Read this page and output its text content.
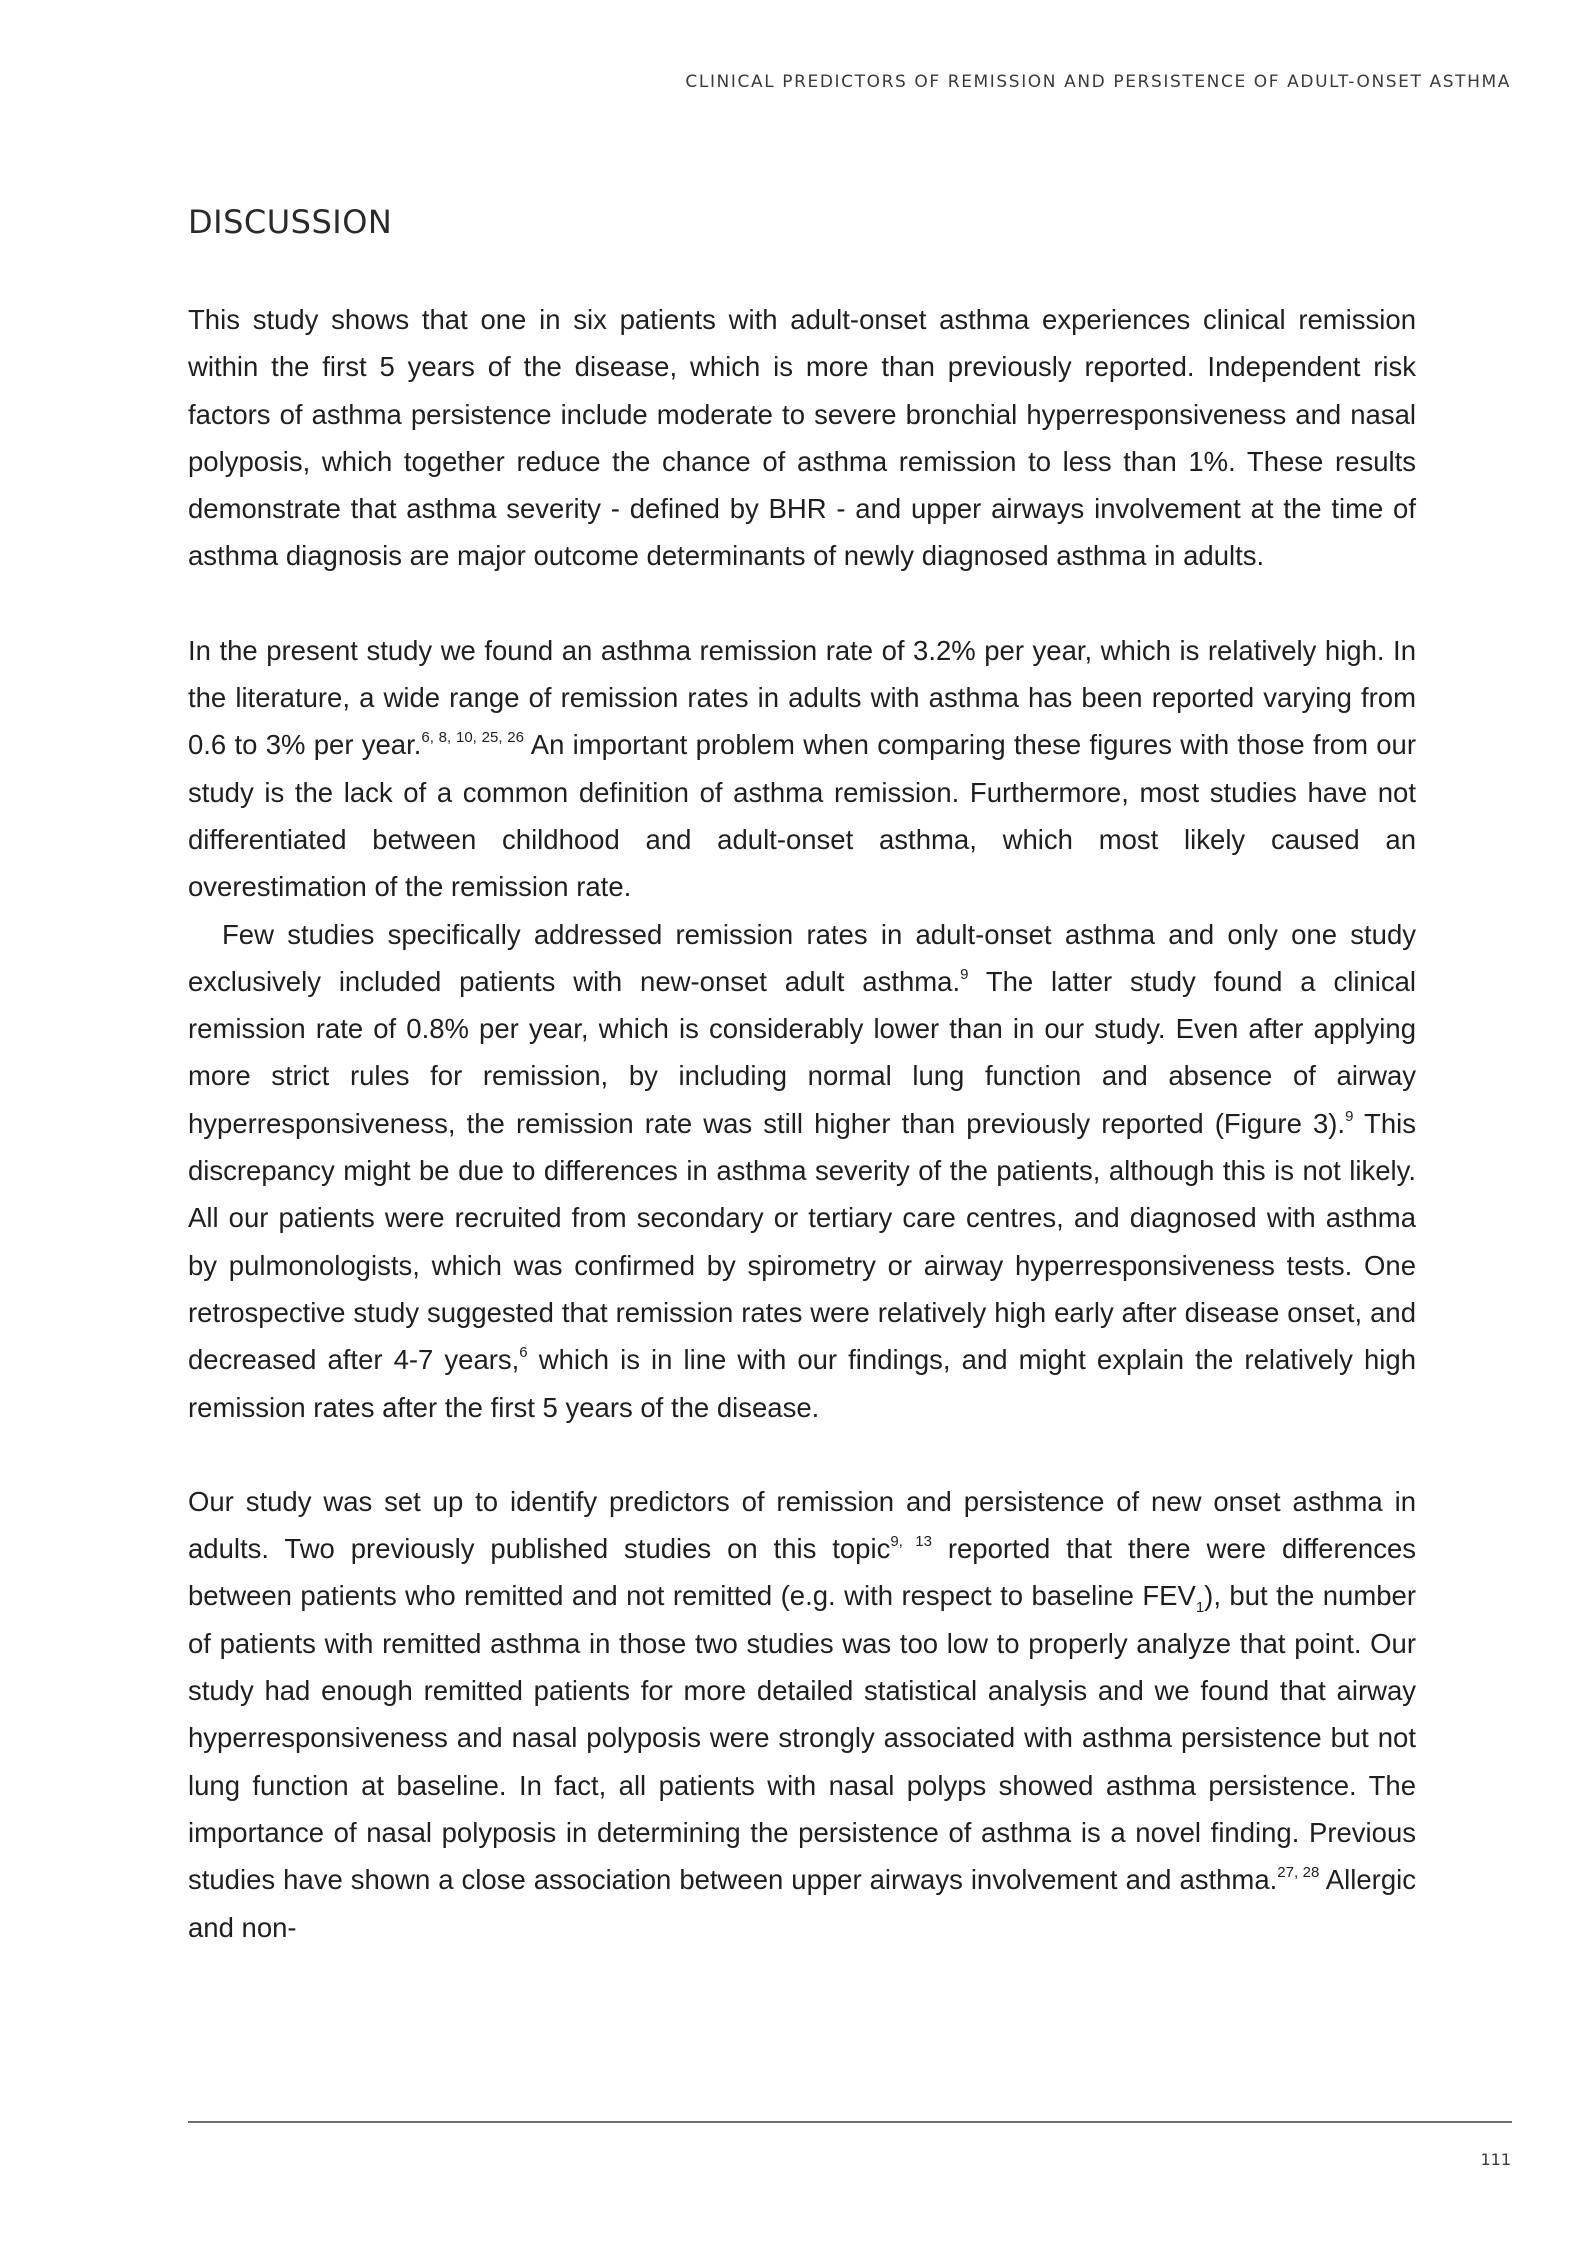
CLINICAL PREDICTORS OF REMISSION AND PERSISTENCE OF ADULT-ONSET ASTHMA
DISCUSSION

This study shows that one in six patients with adult-onset asthma experiences clinical remission within the first 5 years of the disease, which is more than previously reported. Independent risk factors of asthma persistence include moderate to severe bronchial hyperresponsiveness and nasal polyposis, which together reduce the chance of asthma remission to less than 1%. These results demonstrate that asthma severity - defined by BHR - and upper airways involvement at the time of asthma diagnosis are major outcome determinants of newly diagnosed asthma in adults.

In the present study we found an asthma remission rate of 3.2% per year, which is relatively high. In the literature, a wide range of remission rates in adults with asthma has been reported varying from 0.6 to 3% per year.$^{6, 8, 10, 25, 26}$ An important problem when comparing these figures with those from our study is the lack of a common definition of asthma remission. Furthermore, most studies have not differentiated between childhood and adult-onset asthma, which most likely caused an overestimation of the remission rate.

Few studies specifically addressed remission rates in adult-onset asthma and only one study exclusively included patients with new-onset adult asthma.$^9$ The latter study found a clinical remission rate of 0.8% per year, which is considerably lower than in our study. Even after applying more strict rules for remission, by including normal lung function and absence of airway hyperresponsiveness, the remission rate was still higher than previously reported (Figure 3).$^9$ This discrepancy might be due to differences in asthma severity of the patients, although this is not likely. All our patients were recruited from secondary or tertiary care centres, and diagnosed with asthma by pulmonologists, which was confirmed by spirometry or airway hyperresponsiveness tests. One retrospective study suggested that remission rates were relatively high early after disease onset, and decreased after 4-7 years,$^6$ which is in line with our findings, and might explain the relatively high remission rates after the first 5 years of the disease.

Our study was set up to identify predictors of remission and persistence of new onset asthma in adults. Two previously published studies on this topic$^{9, 13}$ reported that there were differences between patients who remitted and not remitted (e.g. with respect to baseline $FEV_1$), but the number of patients with remitted asthma in those two studies was too low to properly analyze that point. Our study had enough remitted patients for more detailed statistical analysis and we found that airway hyperresponsiveness and nasal polyposis were strongly associated with asthma persistence but not lung function at baseline. In fact, all patients with nasal polyps showed asthma persistence. The importance of nasal polyposis in determining the persistence of asthma is a novel finding. Previous studies have shown a close association between upper airways involvement and asthma.$^{27, 28}$ Allergic and non-

111
